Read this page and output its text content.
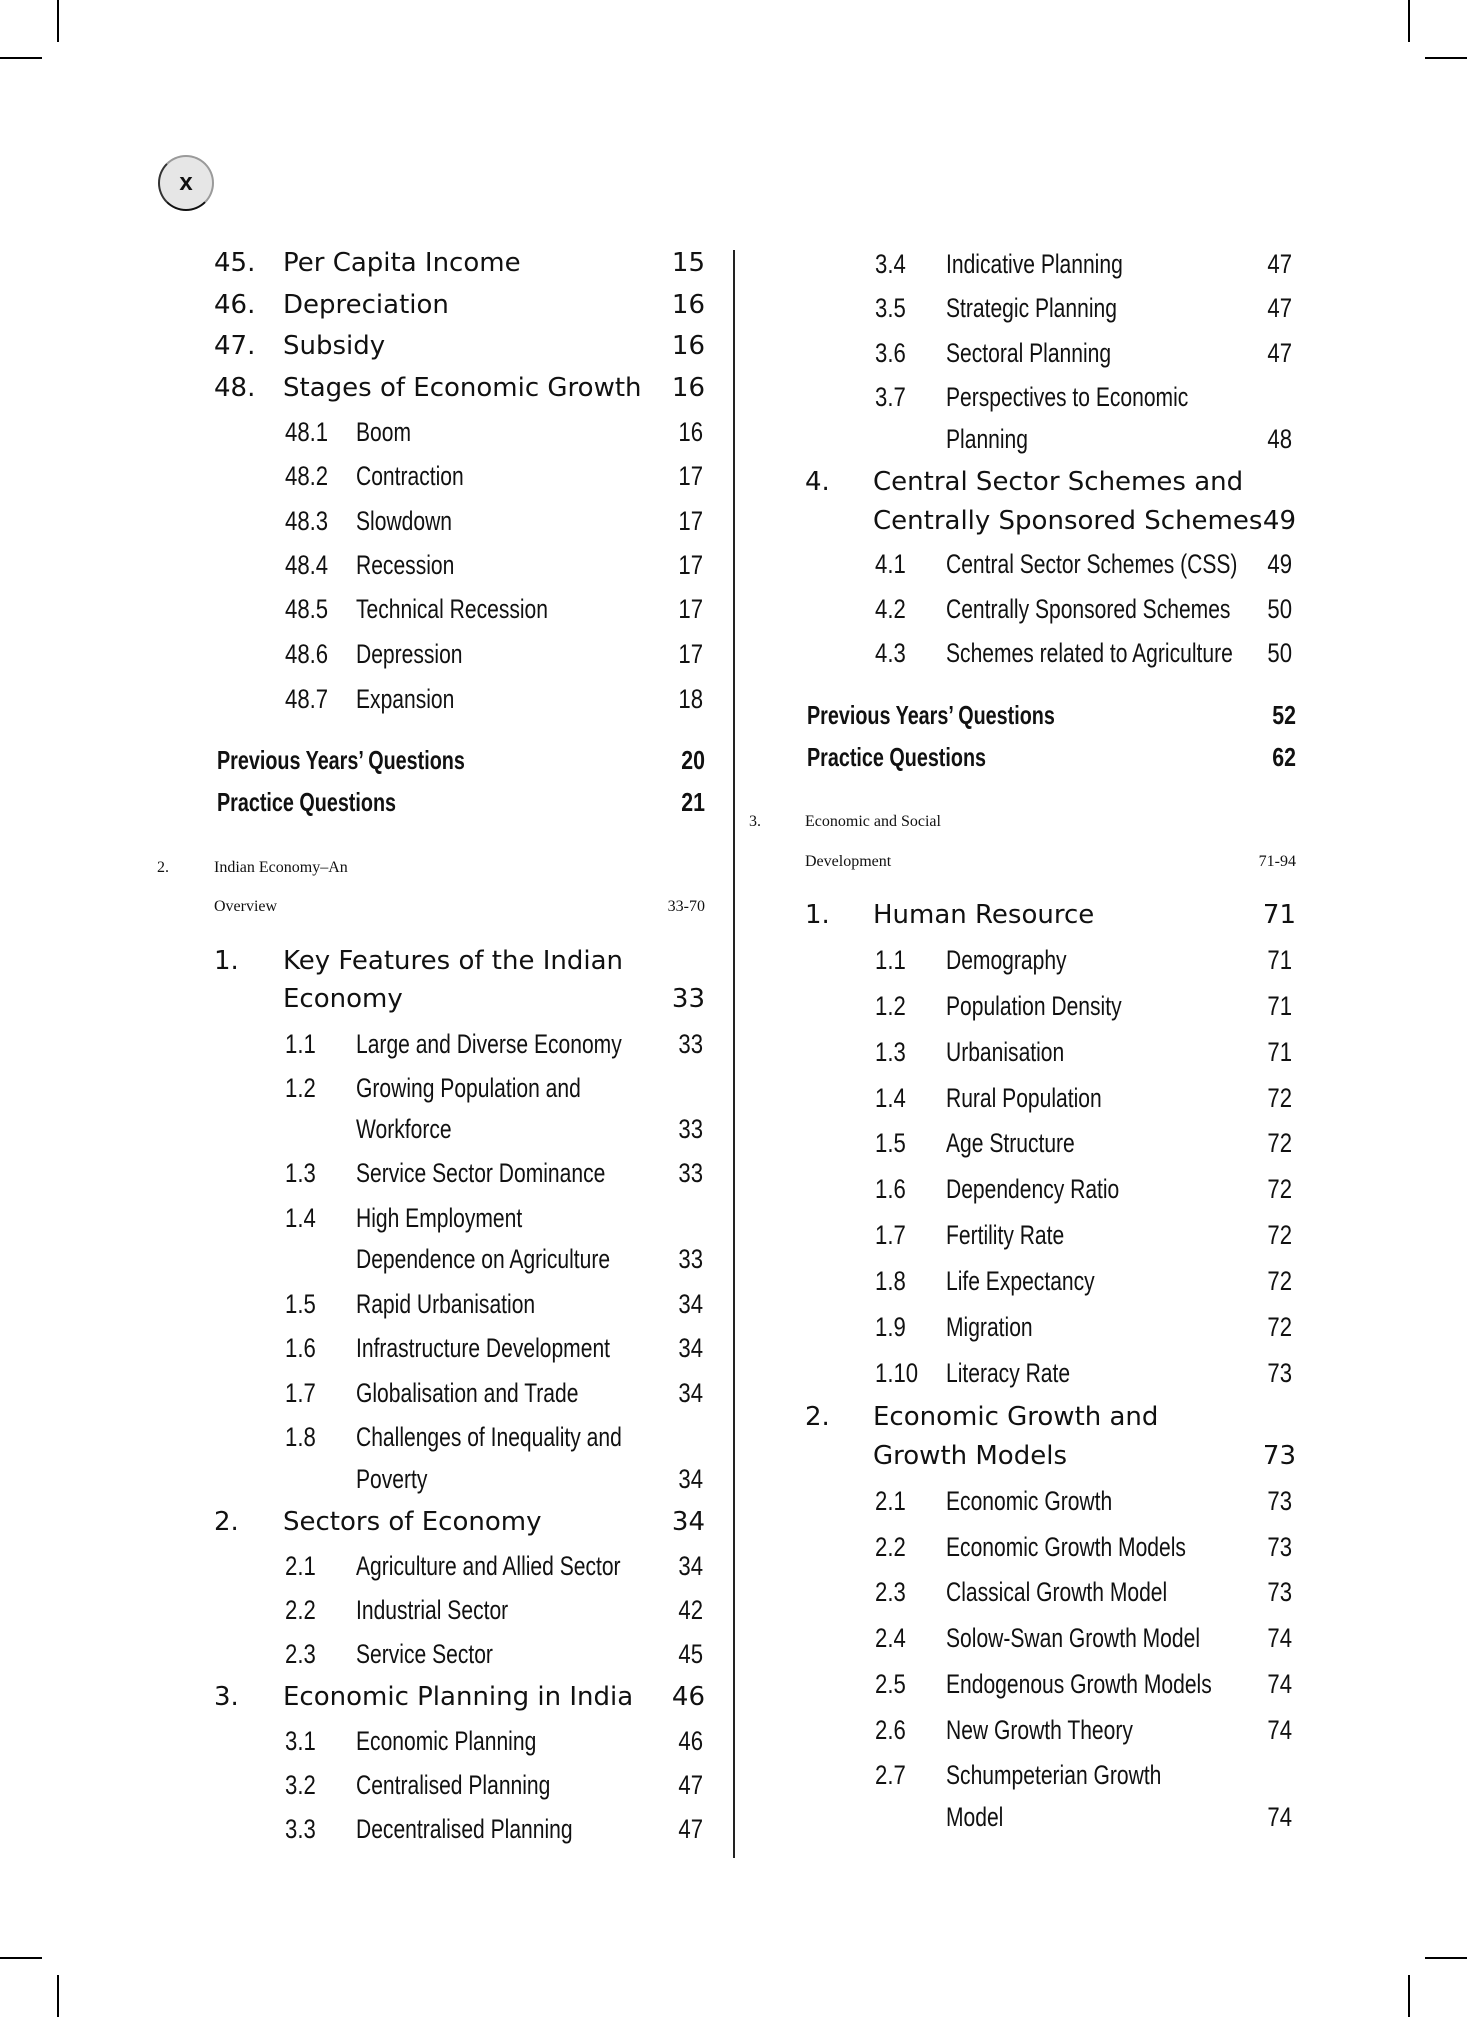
x
45. Per Capita Income	15
46. Depreciation	16
47. Subsidy	16
48. Stages of Economic Growth 16
48.1 Boom	16
48.2 Contraction	17
48.3 Slowdown	17
48.4 Recession	17
48.5 Technical Recession	17
48.6 Depression	17
48.7 Expansion	18
Previous Years’ Questions	20
Practice Questions	21
2.	Indian Economy–An
Overview	33-70
1. Key Features of the Indian
Economy	33
1.1 Large and Diverse Economy 33
1.2 Growing Population and
Workforce	33
1.3 Service Sector Dominance	33
1.4 High Employment
Dependence on Agriculture	33
1.5 Rapid Urbanisation	34
1.6 Infrastructure Development	34
1.7 Globalisation and Trade	34
1.8 Challenges of Inequality and
Poverty	34
2. Sectors of Economy	34
2.1 Agriculture and Allied Sector 34
2.2 Industrial Sector	42
2.3 Service Sector	45
3. Economic Planning in India 46
3.1 Economic Planning	46
3.2 Centralised Planning	47
3.3 Decentralised Planning	47
3.4 Indicative Planning	47
3.5 Strategic Planning	47
3.6 Sectoral Planning	47
3.7 Perspectives to Economic
Planning	48
4. Central Sector Schemes and
Centrally Sponsored Schemes 49
4.1 Central Sector Schemes (CSS) 49
4.2 Centrally Sponsored Schemes 50
4.3 Schemes related to Agriculture 50
Previous Years’ Questions	52
Practice Questions	62
3.	Economic and Social
Development	71-94
1. Human Resource	71
1.1 Demography	71
1.2 Population Density	71
1.3 Urbanisation	71
1.4 Rural Population	72
1.5 Age Structure	72
1.6 Dependency Ratio	72
1.7 Fertility Rate	72
1.8 Life Expectancy	72
1.9 Migration	72
1.10 Literacy Rate	73
2. Economic Growth and
Growth Models	73
2.1 Economic Growth	73
2.2 Economic Growth Models	73
2.3 Classical Growth Model	73
2.4 Solow-Swan Growth Model 74
2.5 Endogenous Growth Models 74
2.6 New Growth Theory	74
2.7 Schumpeterian Growth
Model	74
